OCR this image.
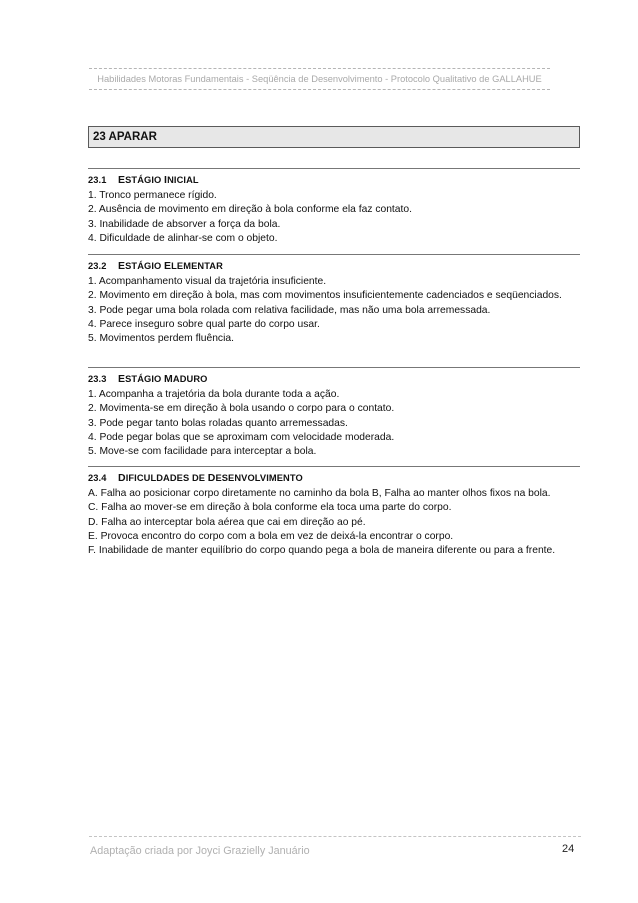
Habilidades Motoras Fundamentais - Seqüência de Desenvolvimento - Protocolo Qualitativo de GALLAHUE
23 APARAR
23.1 ESTÁGIO INICIAL
1. Tronco permanece rígido.
2. Ausência de movimento em direção à bola conforme ela faz contato.
3. Inabilidade de absorver a força da bola.
4. Dificuldade de alinhar-se com o objeto.
23.2 ESTÁGIO ELEMENTAR
1. Acompanhamento visual da trajetória insuficiente.
2. Movimento em direção à bola, mas com movimentos insuficientemente cadenciados e seqüenciados.
3. Pode pegar uma bola rolada com relativa facilidade, mas não uma bola arremessada.
4. Parece inseguro sobre qual parte do corpo usar.
5. Movimentos perdem fluência.
23.3 ESTÁGIO MADURO
1. Acompanha a trajetória da bola durante toda a ação.
2. Movimenta-se em direção à bola usando o corpo para o contato.
3. Pode pegar tanto bolas roladas quanto arremessadas.
4. Pode pegar bolas que se aproximam com velocidade moderada.
5. Move-se com facilidade para interceptar a bola.
23.4 DIFICULDADES DE DESENVOLVIMENTO
A. Falha ao posicionar corpo diretamente no caminho da bola B, Falha ao manter olhos fixos na bola.
C. Falha ao mover-se em direção à bola conforme ela toca uma parte do corpo.
D. Falha ao interceptar bola aérea que cai em direção ao pé.
E. Provoca encontro do corpo com a bola em vez de deixá-la encontrar o corpo.
F. Inabilidade de manter equilíbrio do corpo quando pega a bola de maneira diferente ou para a frente.
Adaptação criada por Joyci Grazielly Januário	24
